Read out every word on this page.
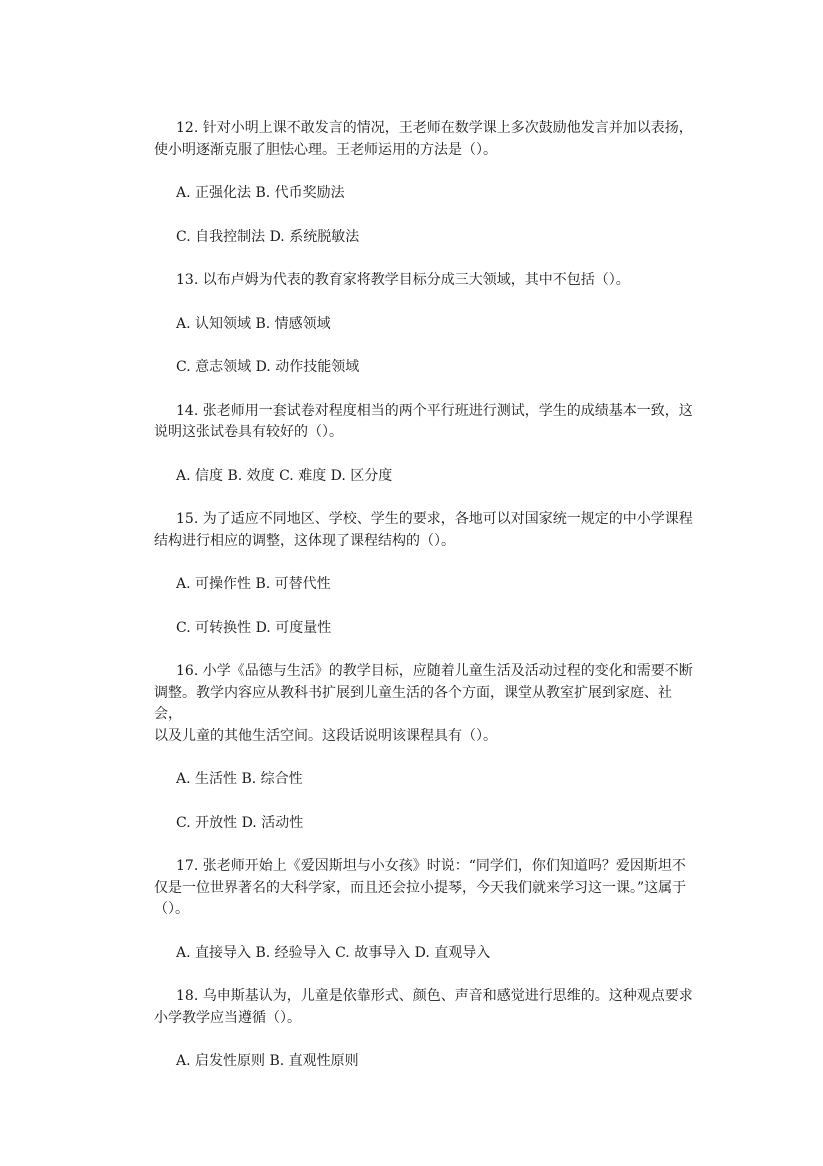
12. 针对小明上课不敢发言的情况，王老师在数学课上多次鼓励他发言并加以表扬，
使小明逐渐克服了胆怯心理。王老师运用的方法是（）。
A. 正强化法 B. 代币奖励法
C. 自我控制法 D. 系统脱敏法
13. 以布卢姆为代表的教育家将教学目标分成三大领域，其中不包括（）。
A. 认知领域 B. 情感领域
C. 意志领域 D. 动作技能领域
14. 张老师用一套试卷对程度相当的两个平行班进行测试，学生的成绩基本一致，这
说明这张试卷具有较好的（）。
A. 信度 B. 效度 C. 难度 D. 区分度
15. 为了适应不同地区、学校、学生的要求，各地可以对国家统一规定的中小学课程
结构进行相应的调整，这体现了课程结构的（）。
A. 可操作性 B. 可替代性
C. 可转换性 D. 可度量性
16. 小学《品德与生活》的教学目标，应随着儿童生活及活动过程的变化和需要不断
调整。教学内容应从教科书扩展到儿童生活的各个方面，课堂从教室扩展到家庭、社会，
以及儿童的其他生活空间。这段话说明该课程具有（）。
A. 生活性 B. 综合性
C. 开放性 D. 活动性
17. 张老师开始上《爱因斯坦与小女孩》时说：“同学们，你们知道吗？爱因斯坦不
仅是一位世界著名的大科学家，而且还会拉小提琴，今天我们就来学习这一课。”这属于
（）。
A. 直接导入 B. 经验导入 C. 故事导入 D. 直观导入
18. 乌申斯基认为，儿童是依靠形式、颜色、声音和感觉进行思维的。这种观点要求
小学教学应当遵循（）。
A. 启发性原则 B. 直观性原则
